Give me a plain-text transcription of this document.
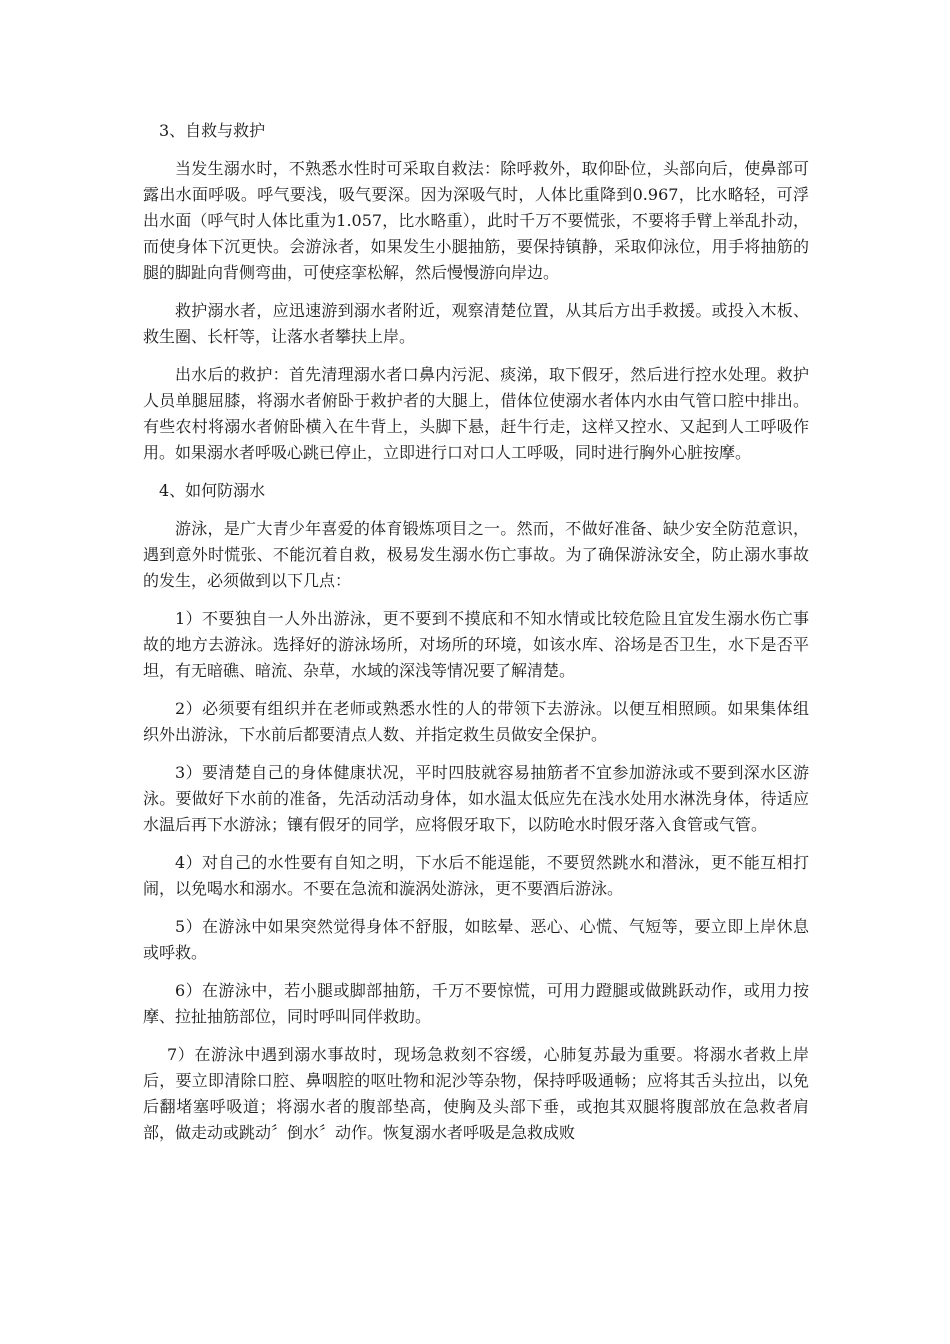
3、自救与救护

当发生溺水时，不熟悉水性时可采取自救法：除呼救外，取仰卧位，头部向后，使鼻部可露出水面呼吸。呼气要浅，吸气要深。因为深吸气时，人体比重降到0.967，比水略轻，可浮出水面（呼气时人体比重为1.057，比水略重），此时千万不要慌张，不要将手臂上举乱扑动，而使身体下沉更快。会游泳者，如果发生小腿抽筋，要保持镇静，采取仰泳位，用手将抽筋的腿的脚趾向背侧弯曲，可使痉挛松解，然后慢慢游向岸边。

救护溺水者，应迅速游到溺水者附近，观察清楚位置，从其后方出手救援。或投入木板、救生圈、长杆等，让落水者攀扶上岸。

出水后的救护：首先清理溺水者口鼻内污泥、痰涕，取下假牙，然后进行控水处理。救护人员单腿屈膝，将溺水者俯卧于救护者的大腿上，借体位使溺水者体内水由气管口腔中排出。有些农村将溺水者俯卧横入在牛背上，头脚下悬，赶牛行走，这样又控水、又起到人工呼吸作用。如果溺水者呼吸心跳已停止，立即进行口对口人工呼吸，同时进行胸外心脏按摩。

4、如何防溺水

游泳，是广大青少年喜爱的体育锻炼项目之一。然而，不做好准备、缺少安全防范意识，遇到意外时慌张、不能沉着自救，极易发生溺水伤亡事故。为了确保游泳安全，防止溺水事故的发生，必须做到以下几点：

1）不要独自一人外出游泳，更不要到不摸底和不知水情或比较危险且宜发生溺水伤亡事故的地方去游泳。选择好的游泳场所，对场所的环境，如该水库、浴场是否卫生，水下是否平坦，有无暗礁、暗流、杂草，水域的深浅等情况要了解清楚。

2）必须要有组织并在老师或熟悉水性的人的带领下去游泳。以便互相照顾。如果集体组织外出游泳，下水前后都要清点人数、并指定救生员做安全保护。

3）要清楚自己的身体健康状况，平时四肢就容易抽筋者不宜参加游泳或不要到深水区游泳。要做好下水前的准备，先活动活动身体，如水温太低应先在浅水处用水淋洗身体，待适应水温后再下水游泳；镶有假牙的同学，应将假牙取下，以防呛水时假牙落入食管或气管。

4）对自己的水性要有自知之明，下水后不能逞能，不要贸然跳水和潜泳，更不能互相打闹，以免喝水和溺水。不要在急流和漩涡处游泳，更不要酒后游泳。

5）在游泳中如果突然觉得身体不舒服，如眩晕、恶心、心慌、气短等，要立即上岸休息或呼救。

6）在游泳中，若小腿或脚部抽筋，千万不要惊慌，可用力蹬腿或做跳跃动作，或用力按摩、拉扯抽筋部位，同时呼叫同伴救助。

7）在游泳中遇到溺水事故时，现场急救刻不容缓，心肺复苏最为重要。将溺水者救上岸后，要立即清除口腔、鼻咽腔的呕吐物和泥沙等杂物，保持呼吸通畅；应将其舌头拉出，以免后翻堵塞呼吸道；将溺水者的腹部垫高，使胸及头部下垂，或抱其双腿将腹部放在急救者肩部，做走动或跳动〞倒水〞动作。恢复溺水者呼吸是急救成败
